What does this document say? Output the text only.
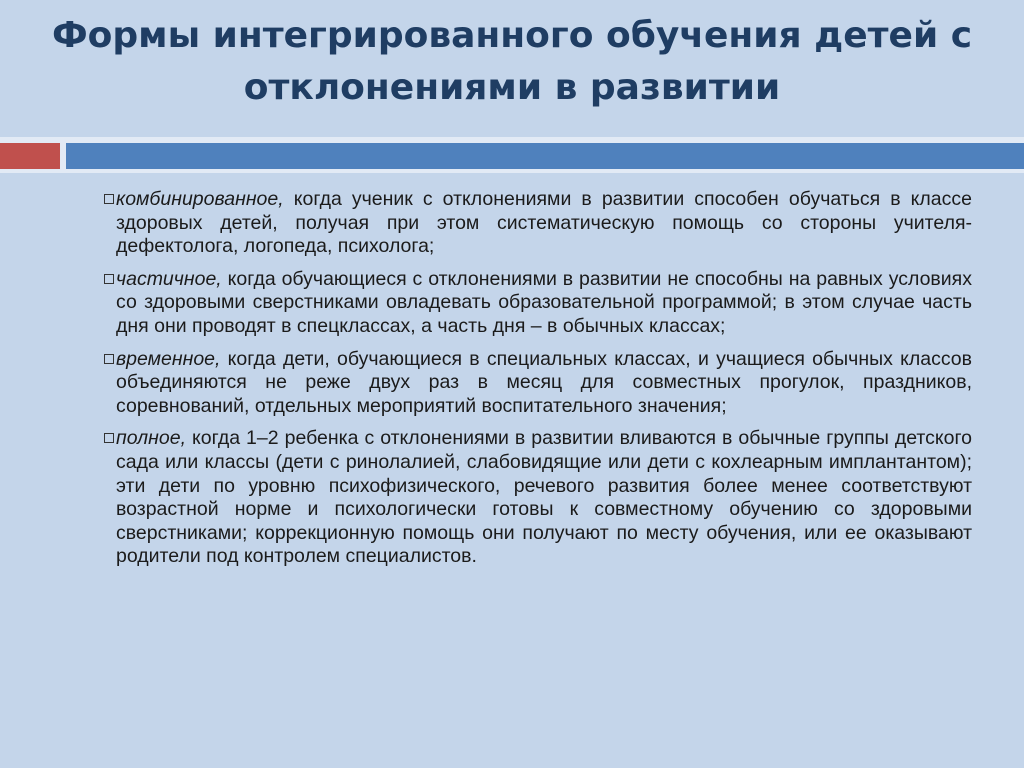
Формы интегрированного обучения детей с
отклонениями в развитии
комбинированное, когда ученик с отклонениями в развитии способен обучаться в классе здоровых детей, получая при этом систематическую помощь со стороны учителя-дефектолога, логопеда, психолога;
частичное, когда обучающиеся с отклонениями в развитии не способны на равных условиях со здоровыми сверстниками овладевать образовательной программой; в этом случае часть дня они проводят в спецклассах, а часть дня – в обычных классах;
временное, когда дети, обучающиеся в специальных классах, и учащиеся обычных классов объединяются не реже двух раз в месяц для совместных прогулок, праздников, соревнований, отдельных мероприятий воспитательного значения;
полное, когда 1–2 ребенка с отклонениями в развитии вливаются в обычные группы детского сада или классы (дети с ринолалией, слабовидящие или дети с кохлеарным имплантантом); эти дети по уровню психофизического, речевого развития более менее соответствуют возрастной норме и психологически готовы к совместному обучению со здоровыми сверстниками; коррекционную помощь они получают по месту обучения, или ее оказывают родители под контролем специалистов.
